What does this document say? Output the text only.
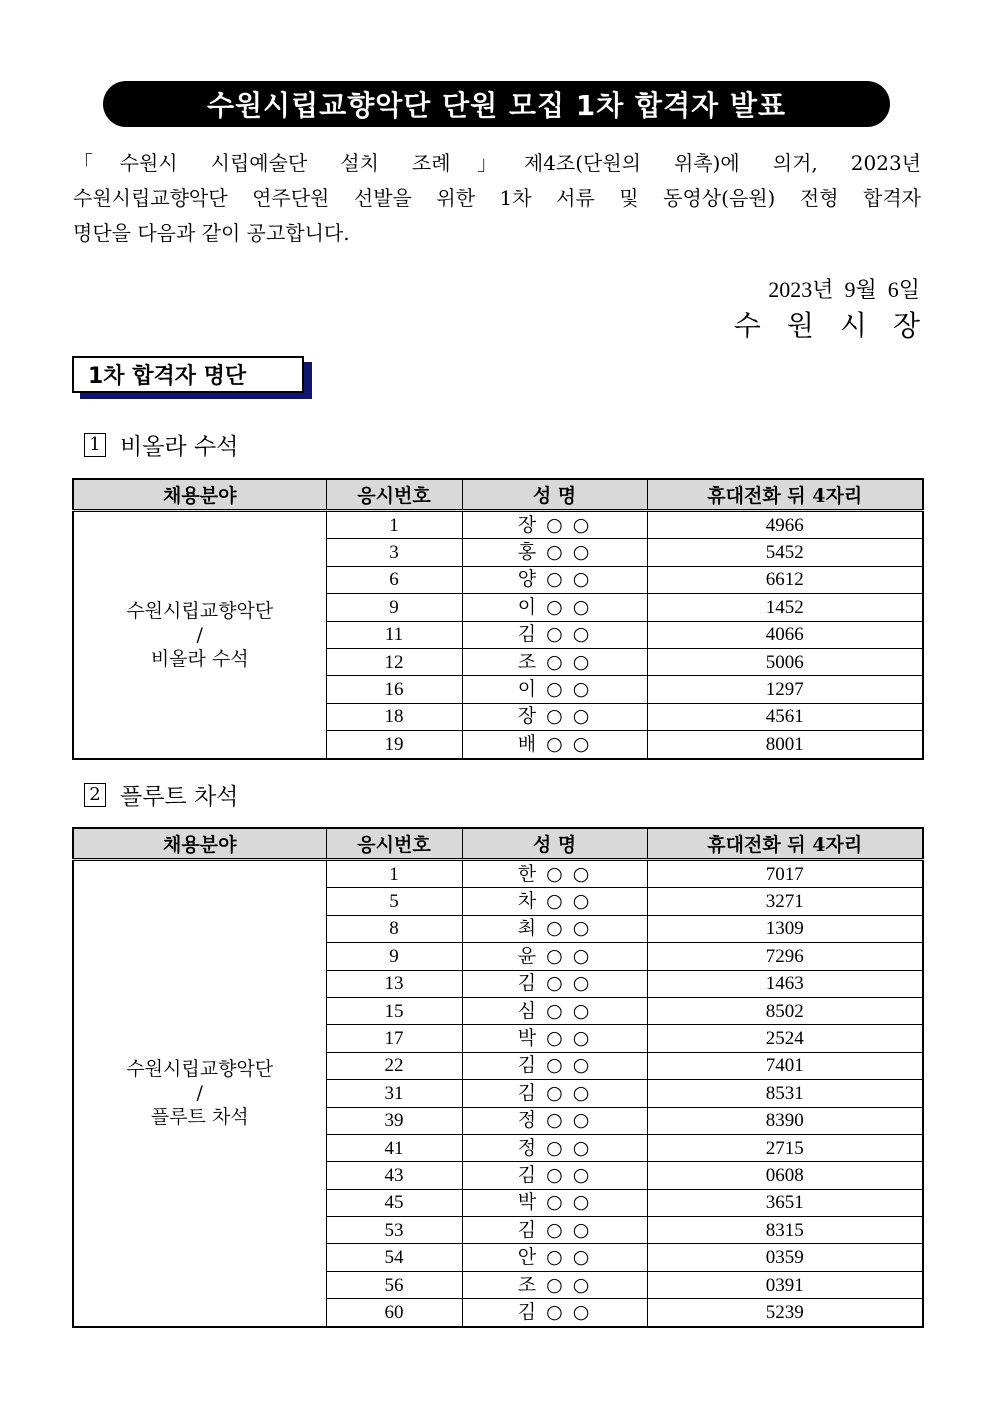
수원시립교향악단 단원 모집 1차 합격자 발표
「수원시 시립예술단 설치 조례」제4조(단원의 위촉)에 의거, 2023년
수원시립교향악단 연주단원 선발을 위한 1차 서류 및 동영상(음원) 전형 합격자
명단을 다음과 같이 공고합니다.
2023년  9월  6일
수원시장
1차 합격자 명단
1 비올라 수석
채용분야	응시번호	성 명	휴대전화 뒤 4자리

수원시립교향악단
/
비올라 수석	1	장 ○ ○	4966
	3	홍 ○ ○	5452
	6	양 ○ ○	6612
	9	이 ○ ○	1452
	11	김 ○ ○	4066
	12	조 ○ ○	5006
	16	이 ○ ○	1297
	18	장 ○ ○	4561
	19	배 ○ ○	8001
2 플루트 차석
채용분야	응시번호	성 명	휴대전화 뒤 4자리

수원시립교향악단
/
플루트 차석	1	한 ○ ○	7017
	5	차 ○ ○	3271
	8	최 ○ ○	1309
	9	윤 ○ ○	7296
	13	김 ○ ○	1463
	15	심 ○ ○	8502
	17	박 ○ ○	2524
	22	김 ○ ○	7401
	31	김 ○ ○	8531
	39	정 ○ ○	8390
	41	정 ○ ○	2715
	43	김 ○ ○	0608
	45	박 ○ ○	3651
	53	김 ○ ○	8315
	54	안 ○ ○	0359
	56	조 ○ ○	0391
	60	김 ○ ○	5239
